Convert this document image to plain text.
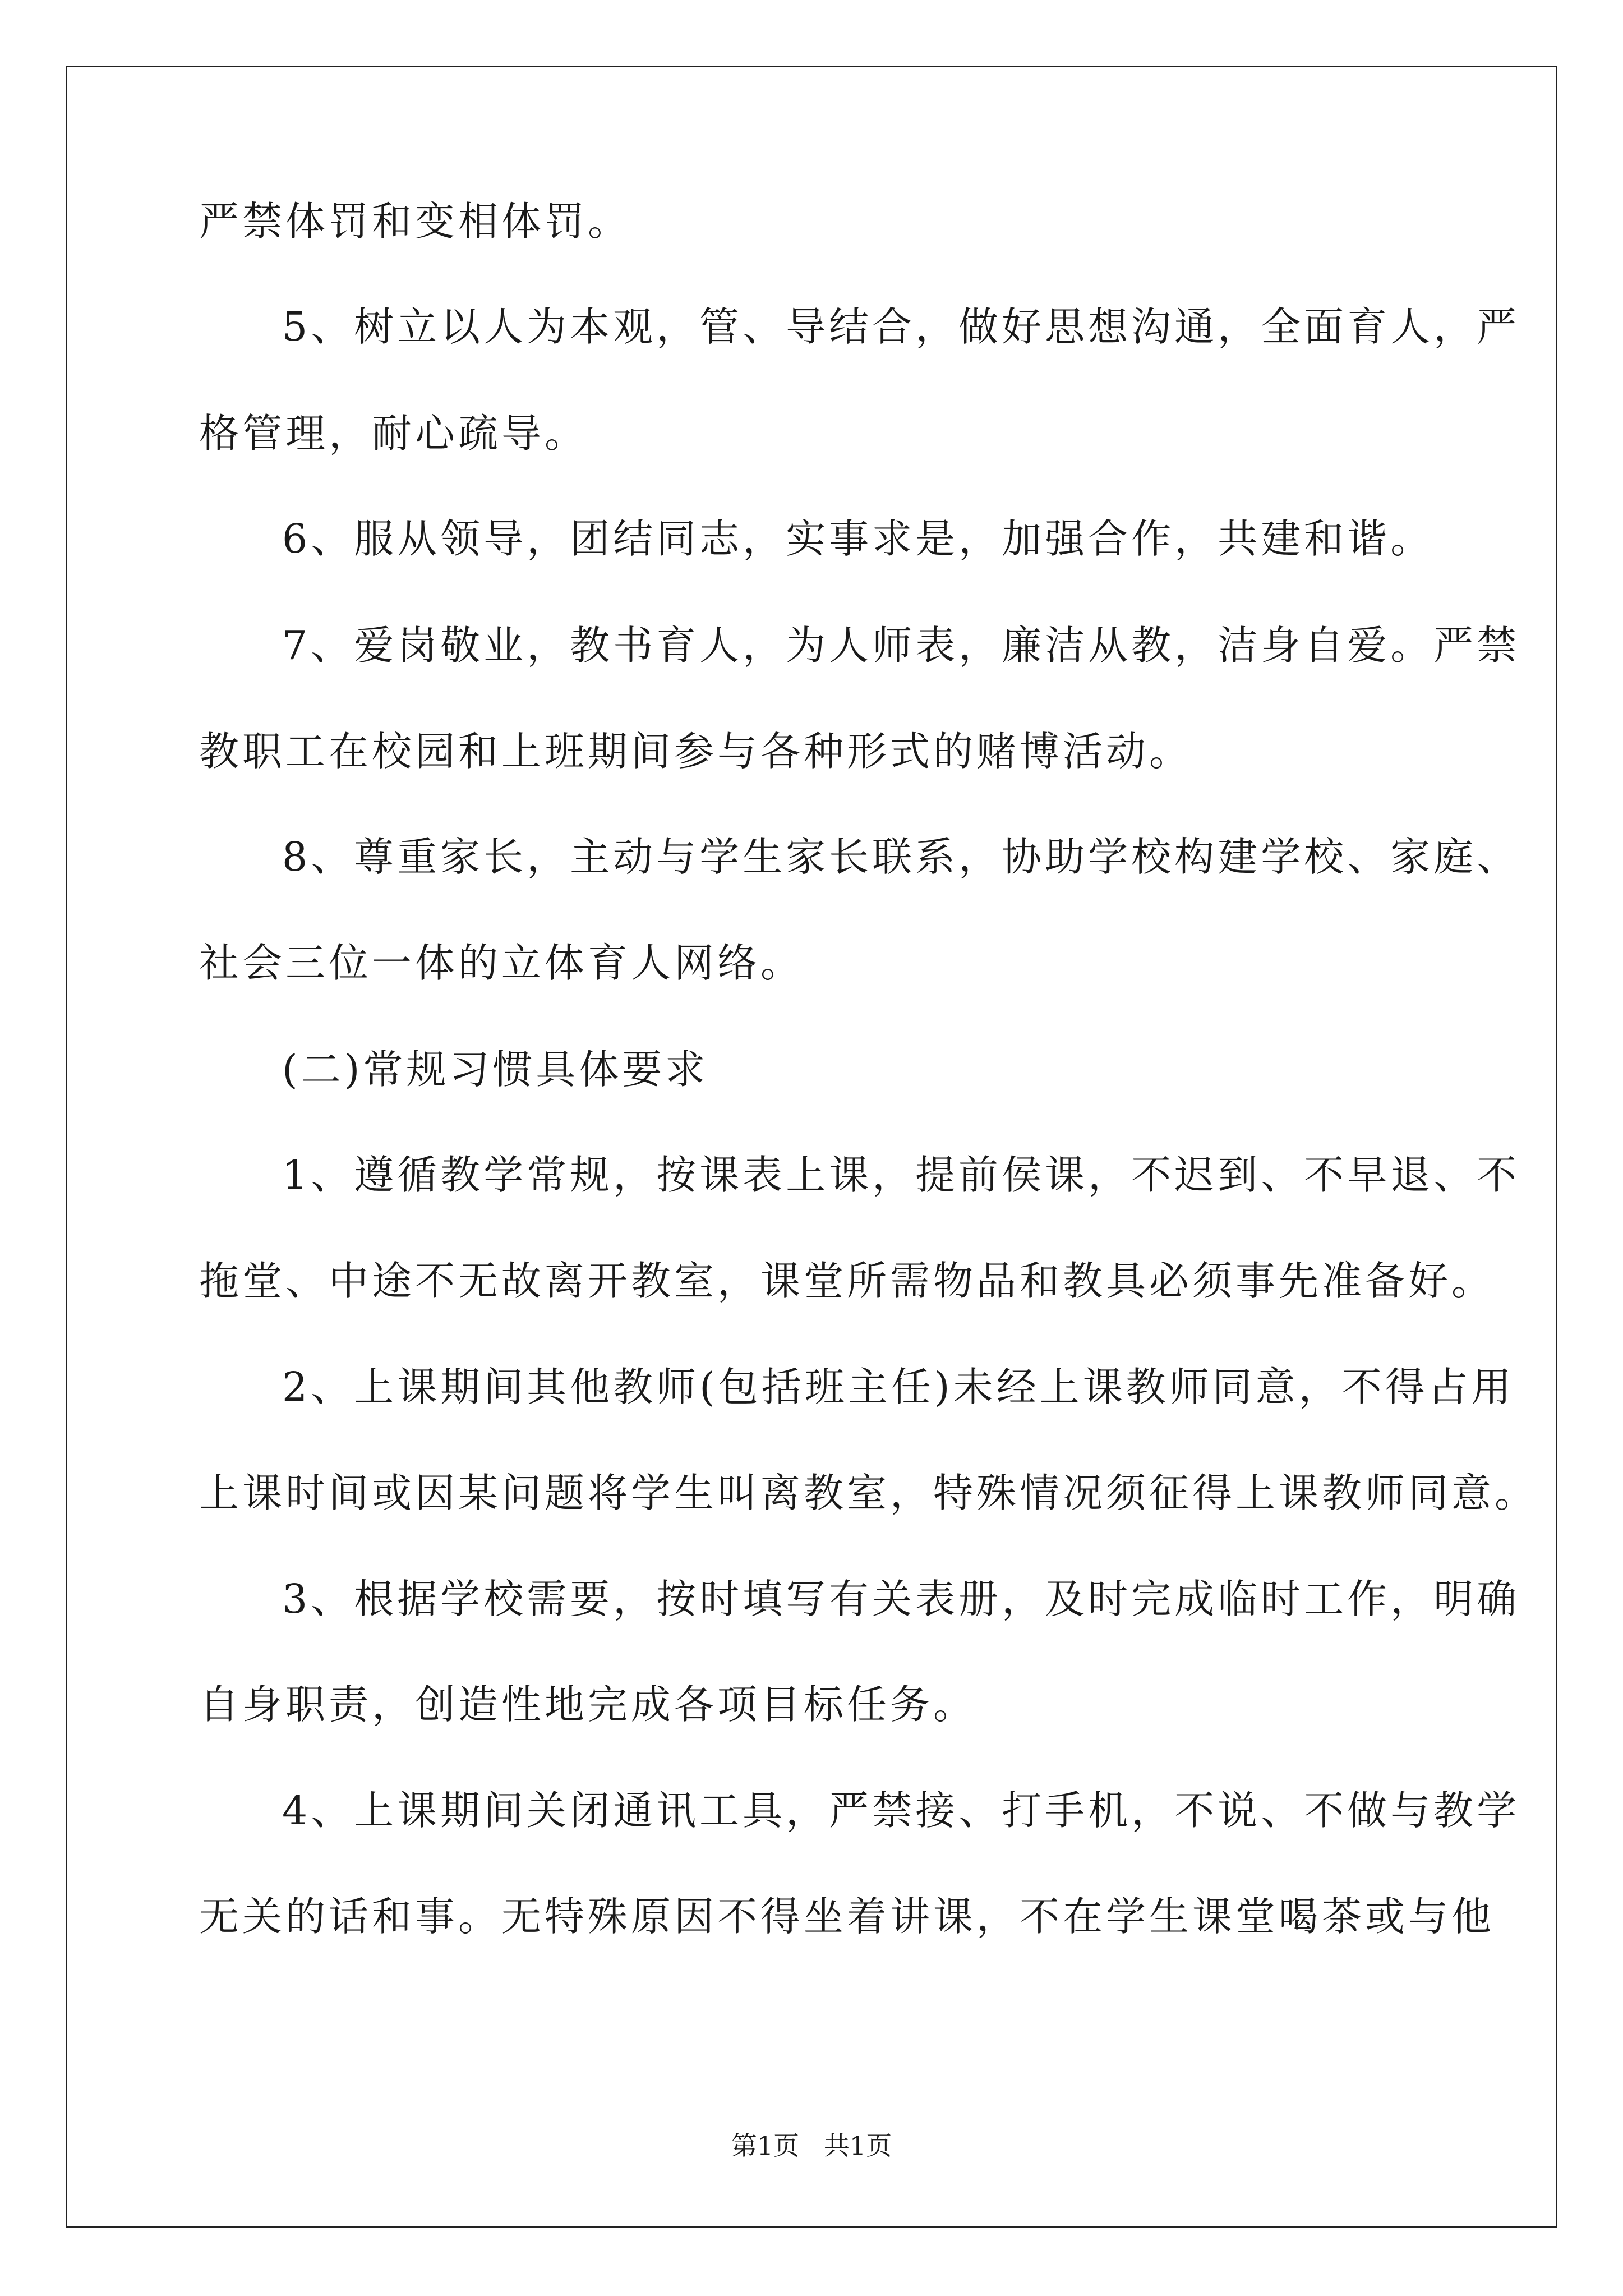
严禁体罚和变相体罚。
5、树立以人为本观，管、导结合，做好思想沟通，全面育人，严
格管理，耐心疏导。
6、服从领导，团结同志，实事求是，加强合作，共建和谐。
7、爱岗敬业，教书育人，为人师表，廉洁从教，洁身自爱。严禁
教职工在校园和上班期间参与各种形式的赌博活动。
8、尊重家长，主动与学生家长联系，协助学校构建学校、家庭、
社会三位一体的立体育人网络。
(二)常规习惯具体要求
1、遵循教学常规，按课表上课，提前侯课，不迟到、不早退、不
拖堂、中途不无故离开教室，课堂所需物品和教具必须事先准备好。
2、上课期间其他教师(包括班主任)未经上课教师同意，不得占用
上课时间或因某问题将学生叫离教室，特殊情况须征得上课教师同意。
3、根据学校需要，按时填写有关表册，及时完成临时工作，明确
自身职责，创造性地完成各项目标任务。
4、上课期间关闭通讯工具，严禁接、打手机，不说、不做与教学
无关的话和事。无特殊原因不得坐着讲课，不在学生课堂喝茶或与他
第1页   共1页
